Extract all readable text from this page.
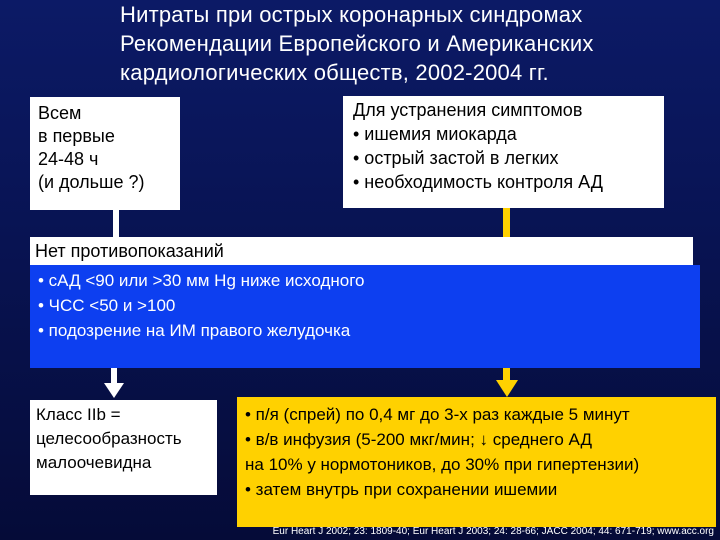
Нитраты при острых коронарных синдромах
Рекомендации Европейского и Американских
кардиологических обществ, 2002-2004 гг.
Всем
в первые
24-48 ч
(и дольше ?)
Для устранения симптомов
• ишемия миокарда
• острый застой в легких
• необходимость контроля АД
Нет противопоказаний
• сАД <90 или >30 мм Hg ниже исходного
• ЧСС <50 и >100
• подозрение на ИМ правого желудочка
Класс IIb =
целесообразность
малоочевидна
• п/я (спрей) по 0,4 мг до 3-х раз каждые 5 минут
• в/в инфузия (5-200 мкг/мин; ↓ среднего АД
на 10% у нормотоников, до 30% при гипертензии)
• затем внутрь при сохранении ишемии
Eur Heart J 2002; 23: 1809-40; Eur Heart J 2003; 24: 28-66; JACC 2004; 44: 671-719; www.acc.org
